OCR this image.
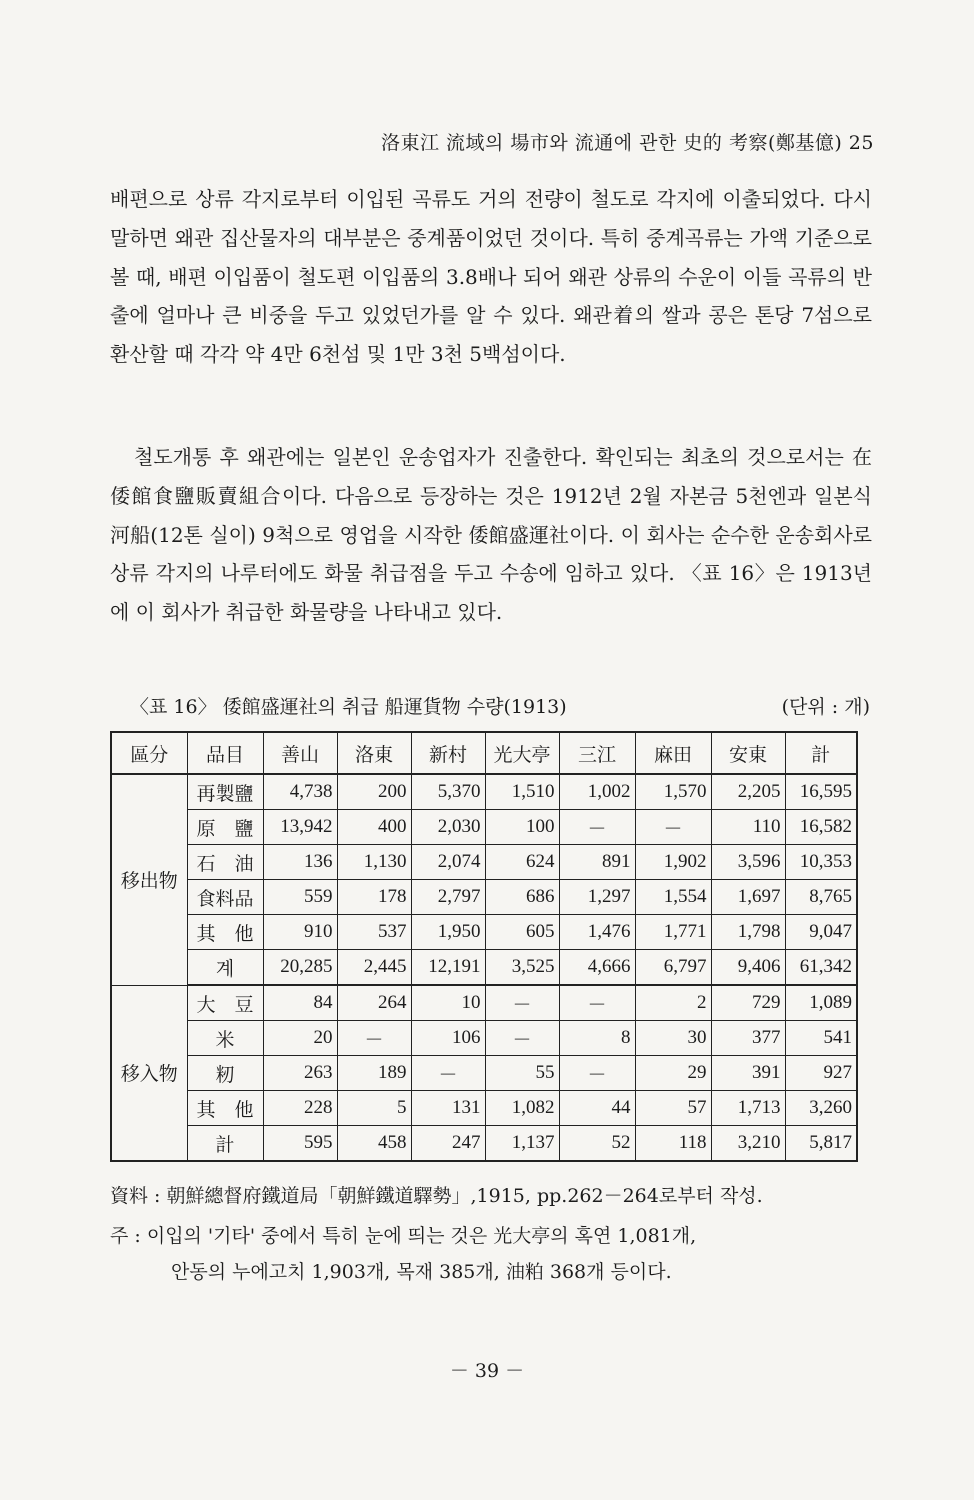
洛東江 流域의 場市와 流通에 관한 史的 考察(鄭基億) 25

배편으로 상류 각지로부터 이입된 곡류도 거의 전량이 철도로 각지에 이출되었다. 다시 말하면 왜관 집산물자의 대부분은 중계품이었던 것이다. 특히 중계곡류는 가액 기준으로 볼 때, 배편 이입품이 철도편 이입품의 3.8배나 되어 왜관 상류의 수운이 이들 곡류의 반출에 얼마나 큰 비중을 두고 있었던가를 알 수 있다. 왜관着의 쌀과 콩은 톤당 7섬으로 환산할 때 각각 약 4만 6천섬 및 1만 3천 5백섬이다.

철도개통 후 왜관에는 일본인 운송업자가 진출한다. 확인되는 최초의 것으로서는 在倭館食鹽販賣組合이다. 다음으로 등장하는 것은 1912년 2월 자본금 5천엔과 일본식 河船(12톤 실이) 9척으로 영업을 시작한 倭館盛運社이다. 이 회사는 순수한 운송회사로 상류 각지의 나루터에도 화물 취급점을 두고 수송에 임하고 있다. 〈표 16〉은 1913년에 이 회사가 취급한 화물량을 나타내고 있다.

〈표 16〉 倭館盛運社의 취급 船運貨物 수량(1913)	(단위 : 개)
區分	品目	善山	洛東	新村	光大亭	三江	麻田	安東	計
移出物	再製鹽	4,738	200	5,370	1,510	1,002	1,570	2,205	16,595
	原　鹽	13,942	400	2,030	100	－	－	110	16,582
	石　油	136	1,130	2,074	624	891	1,902	3,596	10,353
	食料品	559	178	2,797	686	1,297	1,554	1,697	8,765
	其　他	910	537	1,950	605	1,476	1,771	1,798	9,047
	계	20,285	2,445	12,191	3,525	4,666	6,797	9,406	61,342
移入物	大　豆	84	264	10	－	－	2	729	1,089
	米	20	－	106	－	8	30	377	541
	籾	263	189	－	55	－	29	391	927
	其　他	228	5	131	1,082	44	57	1,713	3,260
	計	595	458	247	1,137	52	118	3,210	5,817
資料 : 朝鮮總督府鐵道局「朝鮮鐵道驛勢」,1915, pp.262－264로부터 작성.
주 : 이입의 '기타' 중에서 특히 눈에 띄는 것은 光大亭의 혹연 1,081개,
안동의 누에고치 1,903개, 목재 385개, 油粕 368개 등이다.
－ 39 －
